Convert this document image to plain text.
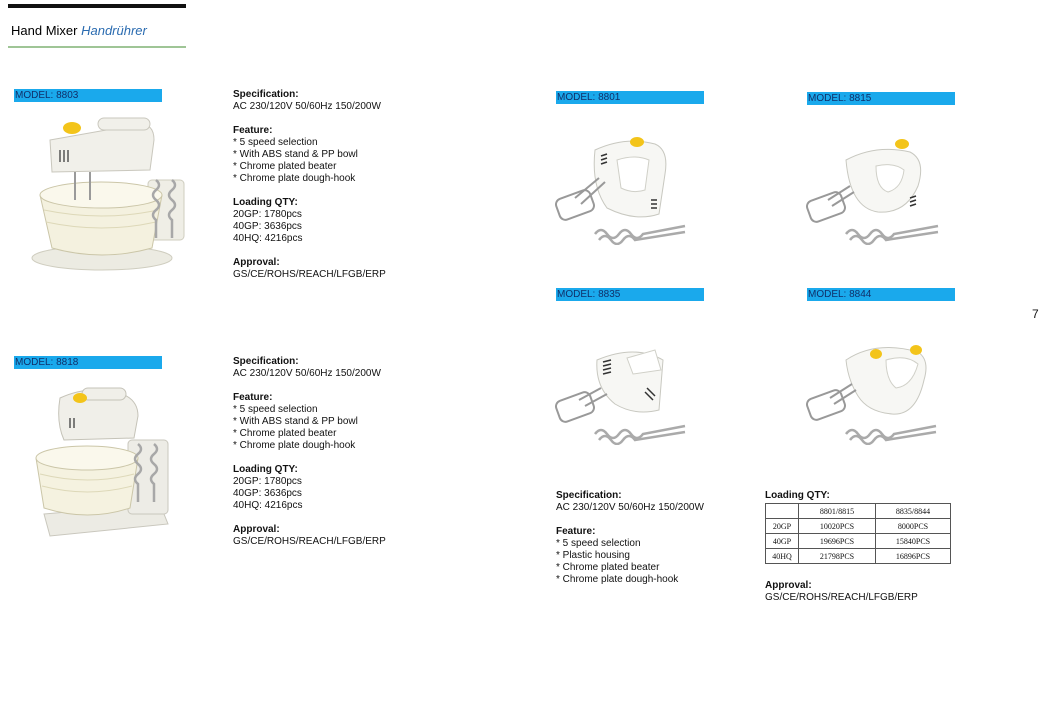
Hand Mixer Handrührer
MODEL: 8803	Specification:
AC 230/120V 50/60Hz 150/200W
Feature:
* 5 speed selection
* With ABS stand & PP bowl
* Chrome plated beater
* Chrome plate dough-hook
Loading QTY:
20GP: 1780pcs
40GP: 3636pcs
40HQ: 4216pcs
Approval:
GS/CE/ROHS/REACH/LFGB/ERP
MODEL: 8818	Specification:
AC 230/120V 50/60Hz 150/200W
Feature:
* 5 speed selection
* With ABS stand & PP bowl
* Chrome plated beater
* Chrome plate dough-hook
Loading QTY:
20GP: 1780pcs
40GP: 3636pcs
40HQ: 4216pcs
Approval:
GS/CE/ROHS/REACH/LFGB/ERP
MODEL: 8801	MODEL: 8815
MODEL: 8835	MODEL: 8844
7
Specification:
AC 230/120V 50/60Hz 150/200W
Feature:
* 5 speed selection
* Plastic housing
* Chrome plated beater
* Chrome plate dough-hook
Loading QTY:
	8801/8815	8835/8844
20GP	10020PCS	8000PCS
40GP	19696PCS	15840PCS
40HQ	21798PCS	16896PCS
Approval:
GS/CE/ROHS/REACH/LFGB/ERP
